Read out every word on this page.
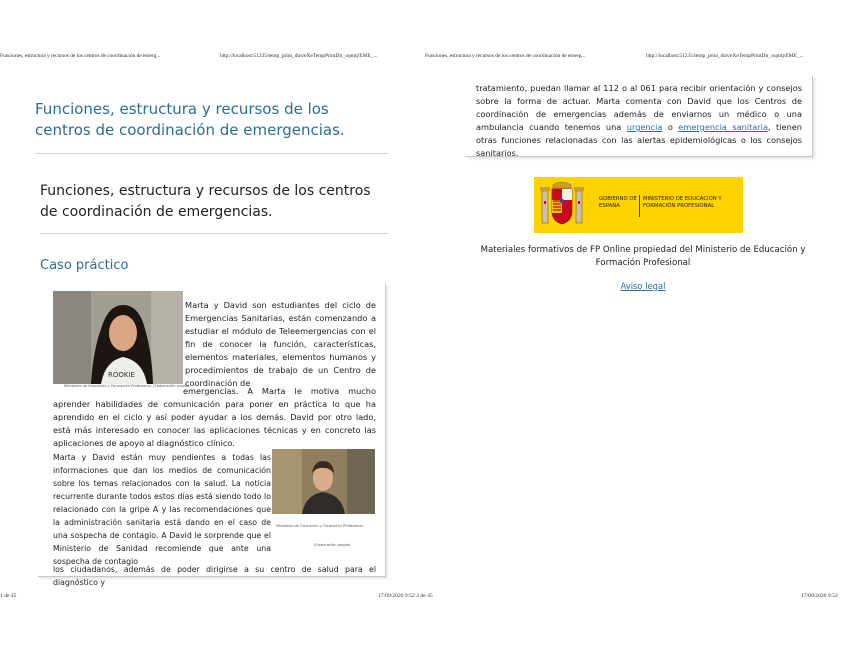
Funciones, estructura y recursos de los centros de coordinación de emerg...	http://localhost:51235/temp_print_dirs/eXeTempPrintDir_oqmtj/EME_...	Funciones, estructura y recursos de los centros de coordinación de emerg...	http://localhost:51235/temp_print_dirs/eXeTempPrintDir_oqmtj/EME_...
Funciones, estructura y recursos de los centros de coordinación de emergencias.
Funciones, estructura y recursos de los centros de coordinación de emergencias.
Caso práctico
ROOKIE
Ministerio de Educación y Formación Profesional. (Elaboración propia)
Marta y David son estudiantes del ciclo de Emergencias Sanitarias, están comenzando a estudiar el módulo de Teleemergencias con el fin de conocer la función, características, elementos materiales, elementos humanos y procedimientos de trabajo de un Centro de coordinación de
emergencias. A Marta le motiva mucho aprender habilidades de comunicación para poner en práctica lo que ha aprendido en el ciclo y así poder ayudar a los demás. David por otro lado, está más interesado en conocer las aplicaciones técnicas y en concreto las aplicaciones de apoyo al diagnóstico clínico.
Ministerio de Educación y Formación Profesional.
(Elaboración propia)
Marta y David están muy pendientes a todas las informaciones que dan los medios de comunicación sobre los temas relacionados con la salud. La noticia recurrente durante todos estos días está siendo todo lo relacionado con la gripe A y las recomendaciones que la administración sanitaria está dando en el caso de una sospecha de contagio. A David le sorprende que el Ministerio de Sanidad recomiende que ante una sospecha de contagio
los ciudadanos, además de poder dirigirse a su centro de salud para el diagnóstico y
tratamiento, puedan llamar al 112 o al 061 para recibir orientación y consejos sobre la forma de actuar. Marta comenta con David que los Centros de coordinación de emergencias además de enviarnos un médico o una ambulancia cuando tenemos una urgencia o emergencia sanitaria, tienen otras funciones relacionadas con las alertas epidemiológicas o los consejos sanitarios.
GOBIERNO DE ESPAÑA
MINISTERIO DE EDUCACIÓN Y FORMACIÓN PROFESIONAL
Materiales formativos de FP Online propiedad del Ministerio de Educación y Formación Profesional
Aviso legal
1 de 45	17/09/2020 9:52 2 de 45	17/09/2020 9:52
